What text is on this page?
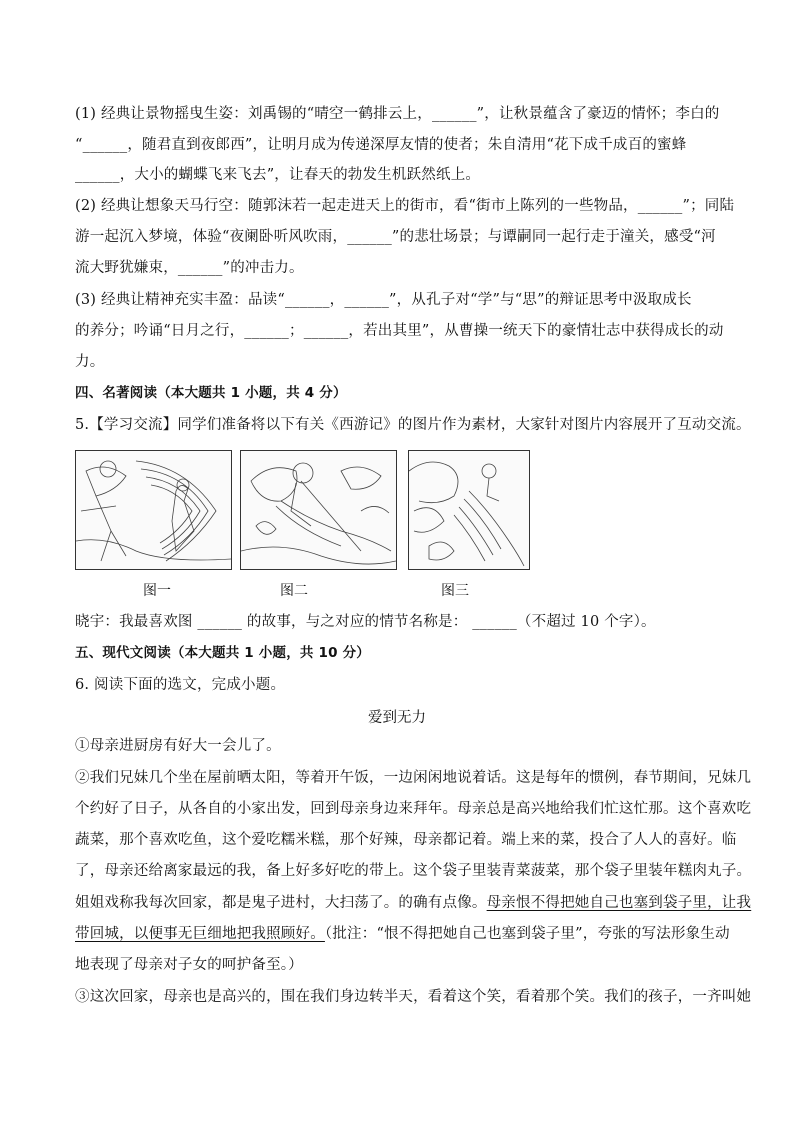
(1) 经典让景物摇曳生姿：刘禹锡的“晴空一鹤排云上，______”，让秋景蕴含了豪迈的情怀；李白的
“______，随君直到夜郎西”，让明月成为传递深厚友情的使者；朱自清用“花下成千成百的蜜蜂
______，大小的蝴蝶飞来飞去”，让春天的勃发生机跃然纸上。
(2) 经典让想象天马行空：随郭沫若一起走进天上的街市，看“街市上陈列的一些物品，______”；同陆
游一起沉入梦境，体验“夜阑卧听风吹雨，______”的悲壮场景；与谭嗣同一起行走于潼关，感受“河
流大野犹嫌束，______”的冲击力。
(3) 经典让精神充实丰盈：品读“______，______”，从孔子对“学”与“思”的辩证思考中汲取成长
的养分；吟诵“日月之行，______；______，若出其里”，从曹操一统天下的豪情壮志中获得成长的动
力。
四、名著阅读（本大题共 1 小题，共 4 分）
5.【学习交流】同学们准备将以下有关《西游记》的图片作为素材，大家针对图片内容展开了互动交流。
图一	图二	图三
晓宇：我最喜欢图 ______ 的故事，与之对应的情节名称是： ______（不超过 10 个字）。
五、现代文阅读（本大题共 1 小题，共 10 分）
6. 阅读下面的选文，完成小题。
爱到无力
①母亲进厨房有好大一会儿了。
②我们兄妹几个坐在屋前晒太阳，等着开午饭，一边闲闲地说着话。这是每年的惯例，春节期间，兄妹几
个约好了日子，从各自的小家出发，回到母亲身边来拜年。母亲总是高兴地给我们忙这忙那。这个喜欢吃
蔬菜，那个喜欢吃鱼，这个爱吃糯米糕，那个好辣，母亲都记着。端上来的菜，投合了人人的喜好。临
了，母亲还给离家最远的我，备上好多好吃的带上。这个袋子里装青菜菠菜，那个袋子里装年糕肉丸子。
姐姐戏称我每次回家，都是鬼子进村，大扫荡了。的确有点像。母亲恨不得把她自己也塞到袋子里，让我
带回城，以便事无巨细地把我照顾好。（批注：“恨不得把她自己也塞到袋子里”，夸张的写法形象生动
地表现了母亲对子女的呵护备至。）
③这次回家，母亲也是高兴的，围在我们身边转半天，看着这个笑，看着那个笑。我们的孩子，一齐叫她
